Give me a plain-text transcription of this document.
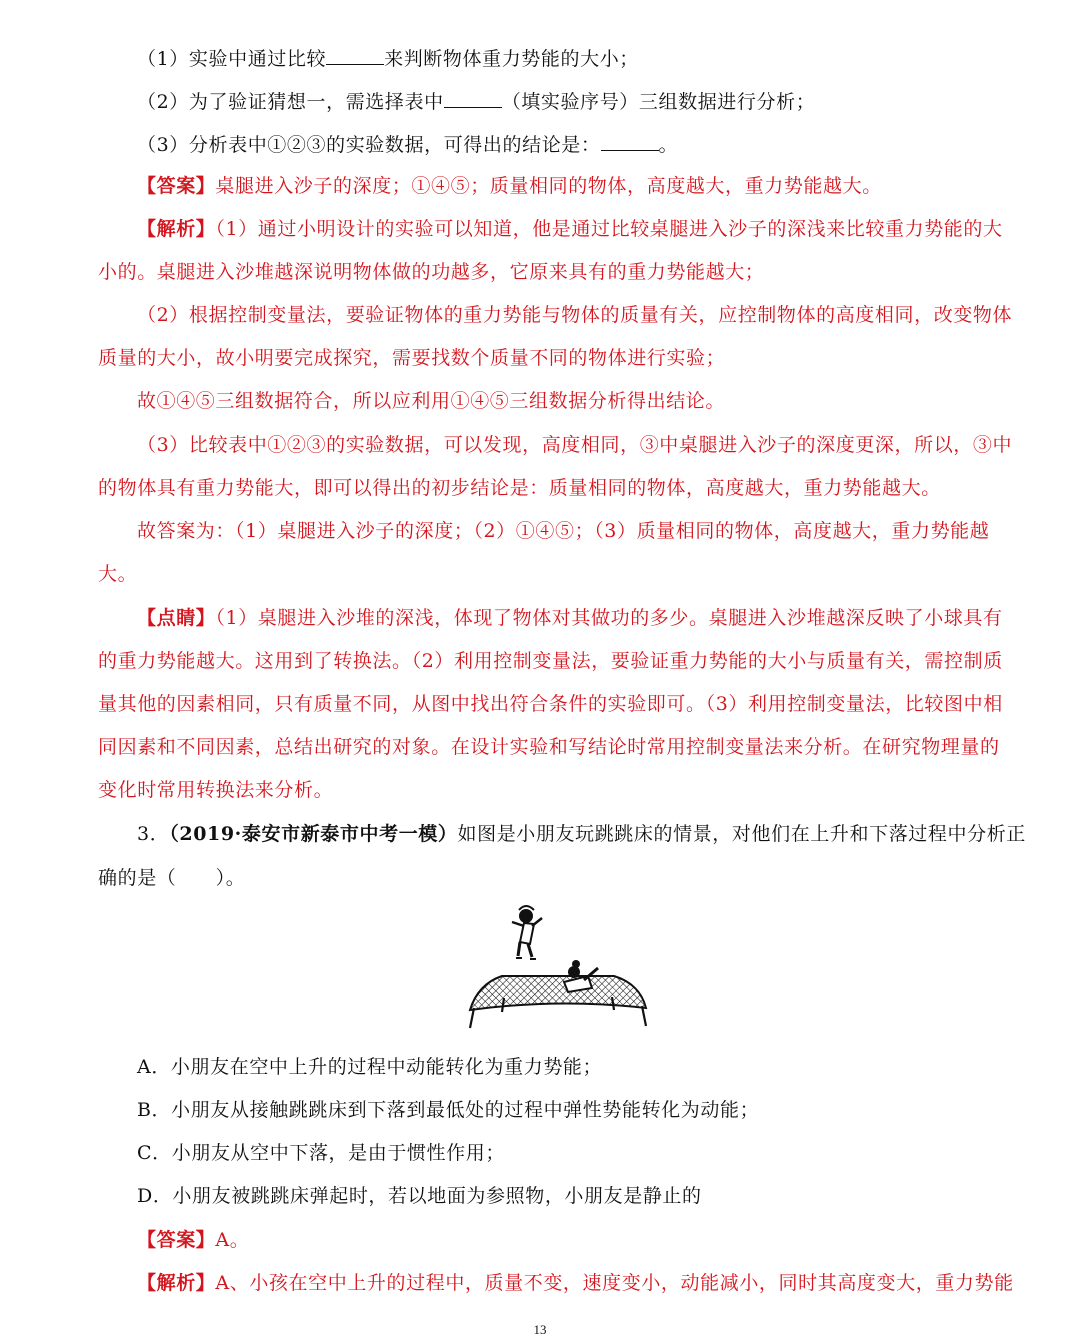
（1）实验中通过比较	来判断物体重力势能的大小；
（2）为了验证猜想一，需选择表中	（填实验序号）三组数据进行分析；
（3）分析表中①②③的实验数据，可得出的结论是：	。
【答案】桌腿进入沙子的深度；①④⑤；质量相同的物体，高度越大，重力势能越大。
【解析】（1）通过小明设计的实验可以知道，他是通过比较桌腿进入沙子的深浅来比较重力势能的大
小的。桌腿进入沙堆越深说明物体做的功越多，它原来具有的重力势能越大；
（2）根据控制变量法，要验证物体的重力势能与物体的质量有关，应控制物体的高度相同，改变物体
质量的大小，故小明要完成探究，需要找数个质量不同的物体进行实验；
故①④⑤三组数据符合，所以应利用①④⑤三组数据分析得出结论。
（3）比较表中①②③的实验数据，可以发现，高度相同，③中桌腿进入沙子的深度更深，所以，③中
的物体具有重力势能大，即可以得出的初步结论是：质量相同的物体，高度越大，重力势能越大。
故答案为：（1）桌腿进入沙子的深度；（2）①④⑤；（3）质量相同的物体，高度越大，重力势能越
大。
【点睛】（1）桌腿进入沙堆的深浅，体现了物体对其做功的多少。桌腿进入沙堆越深反映了小球具有
的重力势能越大。这用到了转换法。（2）利用控制变量法，要验证重力势能的大小与质量有关，需控制质
量其他的因素相同，只有质量不同，从图中找出符合条件的实验即可。（3）利用控制变量法，比较图中相
同因素和不同因素，总结出研究的对象。在设计实验和写结论时常用控制变量法来分析。在研究物理量的
变化时常用转换法来分析。
3．（2019·泰安市新泰市中考一模）如图是小朋友玩跳跳床的情景，对他们在上升和下落过程中分析正
确的是（　　）。
A．小朋友在空中上升的过程中动能转化为重力势能；
B．小朋友从接触跳跳床到下落到最低处的过程中弹性势能转化为动能；
C．小朋友从空中下落，是由于惯性作用；
D．小朋友被跳跳床弹起时，若以地面为参照物，小朋友是静止的
【答案】A。
【解析】A、小孩在空中上升的过程中，质量不变，速度变小，动能减小，同时其高度变大，重力势能
13
